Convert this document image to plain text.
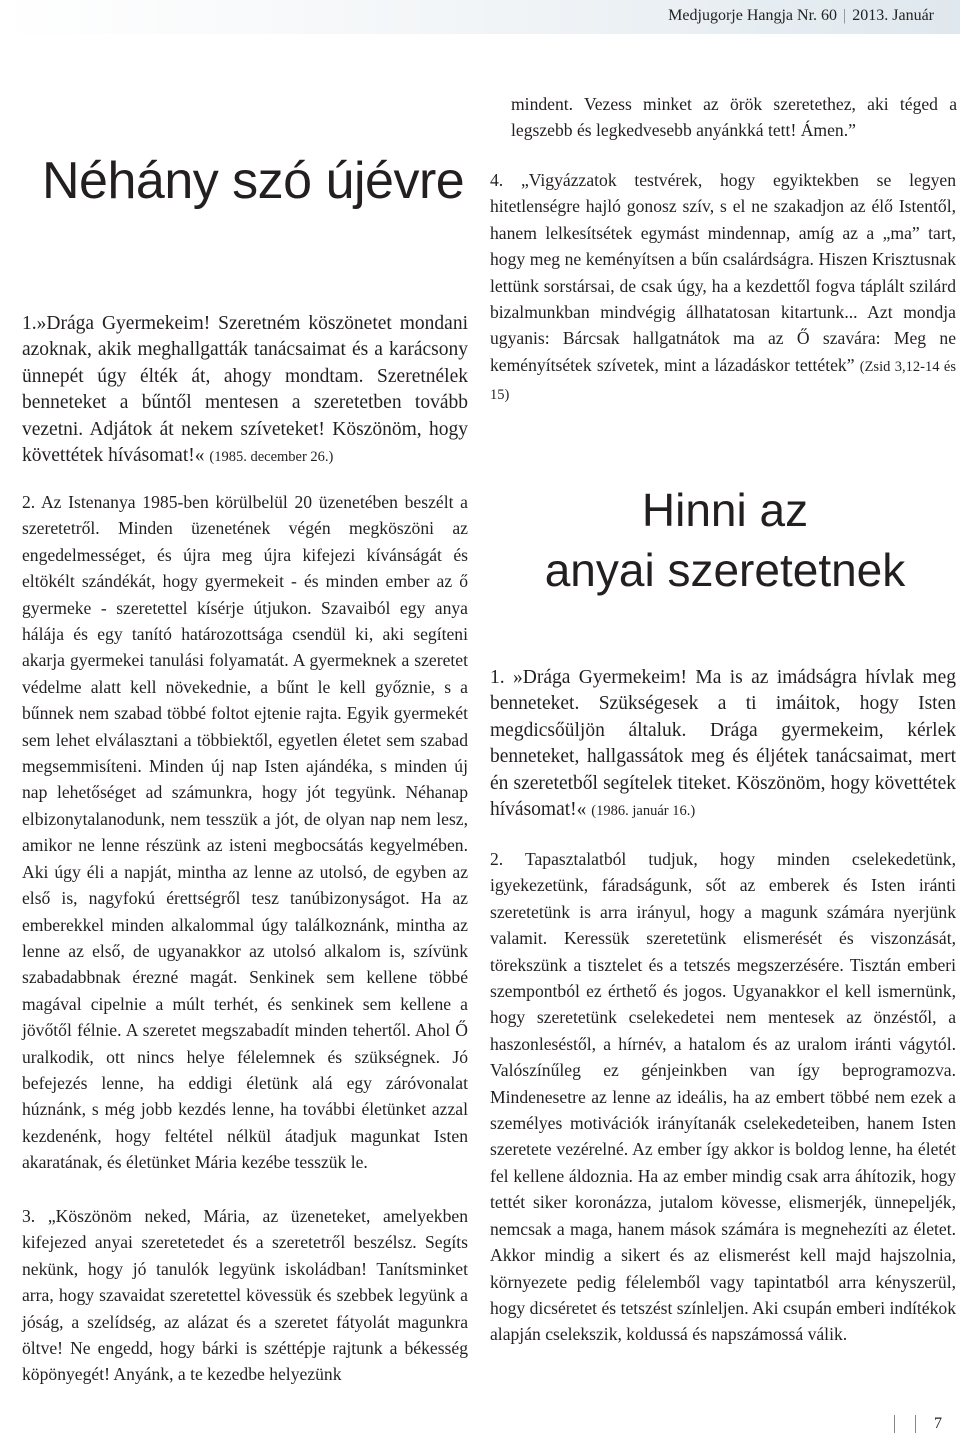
Medjugorje Hangja Nr. 60 | 2013. Január
Néhány szó újévre

1.»Drága Gyermekeim! Szeretném köszönetet mondani azoknak, akik meghallgatták tanácsaimat és a karácsony ünnepét úgy élték át, ahogy mondtam. Szeretnélek benneteket a bűntől mentesen a szeretetben tovább vezetni. Adjátok át nekem szíveteket! Köszönöm, hogy követtétek hívásomat!« (1985. december 26.)

2. Az Istenanya 1985-ben körülbelül 20 üzenetében beszélt a szeretetről. Minden üzenetének végén megköszöni az engedelmességet, és újra meg újra kifejezi kívánságát és eltökélt szándékát, hogy gyermekeit - és minden ember az ő gyermeke - szeretettel kísérje útjukon. Szavaiból egy anya hálája és egy tanító határozottsága csendül ki, aki segíteni akarja gyermekei tanulási folyamatát. A gyermeknek a szeretet védelme alatt kell növekednie, a bűnt le kell győznie, s a bűnnek nem szabad többé foltot ejtenie rajta. Egyik gyermekét sem lehet elválasztani a többiektől, egyetlen életet sem szabad megsemmisíteni. Minden új nap Isten ajándéka, s minden új nap lehetőséget ad számunkra, hogy jót tegyünk. Néhanap elbizonytalanodunk, nem tesszük a jót, de olyan nap nem lesz, amikor ne lenne részünk az isteni megbocsátás kegyelmében. Aki úgy éli a napját, mintha az lenne az utolsó, de egyben az első is, nagyfokú érettségről tesz tanúbizonyságot. Ha az emberekkel minden alkalommal úgy találkoznánk, mintha az lenne az első, de ugyanakkor az utolsó alkalom is, szívünk szabadabbnak érezné magát. Senkinek sem kellene többé magával cipelnie a múlt terhét, és senkinek sem kellene a jövőtől félnie. A szeretet megszabadít minden tehertől. Ahol Ő uralkodik, ott nincs helye félelemnek és szükségnek. Jó befejezés lenne, ha eddigi életünk alá egy záróvonalat húznánk, s még jobb kezdés lenne, ha további életünket azzal kezdenénk, hogy feltétel nélkül átadjuk magunkat Isten akaratának, és életünket Mária kezébe tesszük le.

3. „Köszönöm neked, Mária, az üzeneteket, amelyekben kifejezed anyai szeretetedet és a szeretetről beszélsz. Segíts nekünk, hogy jó tanulók legyünk iskoládban! Tanítsminket arra, hogy szavaidat szeretettel kövessük és szebbek legyünk a jóság, a szelídség, az alázat és a szeretet fátyolát magunkra öltve! Ne engedd, hogy bárki is széttépje rajtunk a békesség köpönyegét! Anyánk, a te kezedbe helyezünk

mindent. Vezess minket az örök szeretethez, aki téged a legszebb és legkedvesebb anyánkká tett! Ámen.”

4. „Vigyázzatok testvérek, hogy egyiktekben se legyen hitetlenségre hajló gonosz szív, s el ne szakadjon az élő Istentől, hanem lelkesítsétek egymást mindennap, amíg az a „ma” tart, hogy meg ne keményítsen a bűn csalárdságra. Hiszen Krisztusnak lettünk sorstársai, de csak úgy, ha a kezdettől fogva táplált szilárd bizalmunkban mindvégig állhatatosan kitartunk... Azt mondja ugyanis: Bárcsak hallgatnátok ma az Ő szavára: Meg ne keményítsétek szívetek, mint a lázadáskor tettétek” (Zsid 3,12-14 és 15)

Hinni az
anyai szeretetnek

1. »Drága Gyermekeim! Ma is az imádságra hívlak meg benneteket. Szükségesek a ti imáitok, hogy Isten megdicsőüljön általuk. Drága gyermekeim, kérlek benneteket, hallgassátok meg és éljétek tanácsaimat, mert én szeretetből segítelek titeket. Köszönöm, hogy követtétek hívásomat!« (1986. január 16.)

2. Tapasztalatból tudjuk, hogy minden cselekedetünk, igyekezetünk, fáradságunk, sőt az emberek és Isten iránti szeretetünk is arra irányul, hogy a magunk számára nyerjünk valamit. Keressük szeretetünk elismerését és viszonzását, törekszünk a tisztelet és a tetszés megszerzésére. Tisztán emberi szempontból ez érthető és jogos. Ugyanakkor el kell ismernünk, hogy szeretetünk cselekedetei nem mentesek az önzéstől, a haszonleséstől, a hírnév, a hatalom és az uralom iránti vágytól. Valószínűleg ez génjeinkben van így beprogramozva. Mindenesetre az lenne az ideális, ha az embert többé nem ezek a személyes motivációk irányítanák cselekedeteiben, hanem Isten szeretete vezérelné. Az ember így akkor is boldog lenne, ha életét fel kellene áldoznia. Ha az ember mindig csak arra áhítozik, hogy tettét siker koronázza, jutalom kövesse, elismerjék, ünnepeljék, nemcsak a maga, hanem mások számára is megnehezíti az életet. Akkor mindig a sikert és az elismerést kell majd hajszolnia, környezete pedig félelemből vagy tapintatból arra kényszerül, hogy dicséretet és tetszést színleljen. Aki csupán emberi indítékok alapján cselekszik, koldussá és napszámossá válik.

7
